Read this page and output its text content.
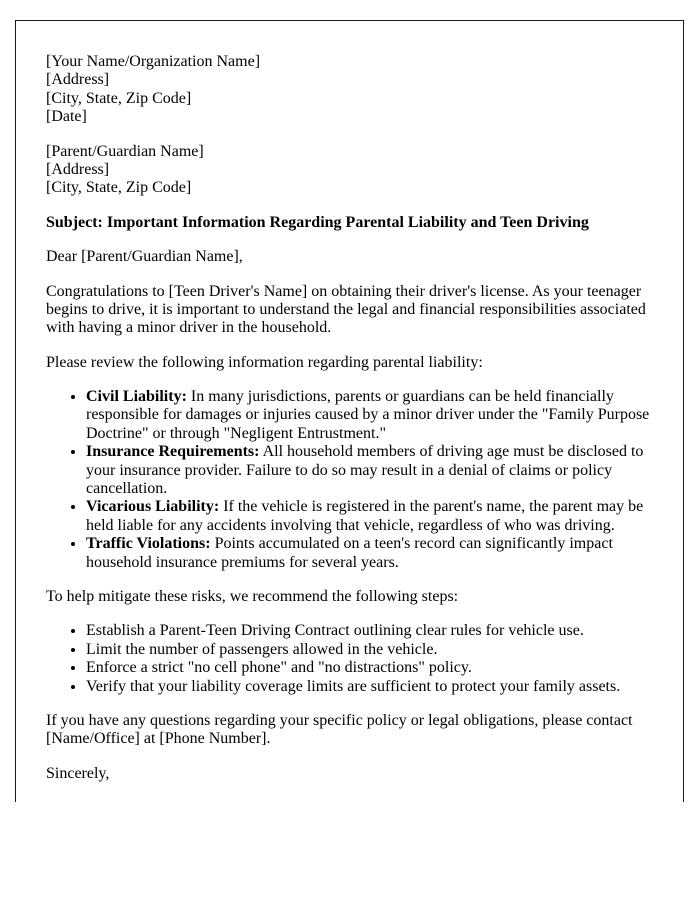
[Your Name/Organization Name]
[Address]
[City, State, Zip Code]
[Date]
[Parent/Guardian Name]
[Address]
[City, State, Zip Code]
Subject: Important Information Regarding Parental Liability and Teen Driving
Dear [Parent/Guardian Name],
Congratulations to [Teen Driver's Name] on obtaining their driver's license. As your teenager begins to drive, it is important to understand the legal and financial responsibilities associated with having a minor driver in the household.
Please review the following information regarding parental liability:
• Civil Liability: In many jurisdictions, parents or guardians can be held financially responsible for damages or injuries caused by a minor driver under the "Family Purpose Doctrine" or through "Negligent Entrustment."
• Insurance Requirements: All household members of driving age must be disclosed to your insurance provider. Failure to do so may result in a denial of claims or policy cancellation.
• Vicarious Liability: If the vehicle is registered in the parent's name, the parent may be held liable for any accidents involving that vehicle, regardless of who was driving.
• Traffic Violations: Points accumulated on a teen's record can significantly impact household insurance premiums for several years.
To help mitigate these risks, we recommend the following steps:
• Establish a Parent-Teen Driving Contract outlining clear rules for vehicle use.
• Limit the number of passengers allowed in the vehicle.
• Enforce a strict "no cell phone" and "no distractions" policy.
• Verify that your liability coverage limits are sufficient to protect your family assets.
If you have any questions regarding your specific policy or legal obligations, please contact [Name/Office] at [Phone Number].
Sincerely,
